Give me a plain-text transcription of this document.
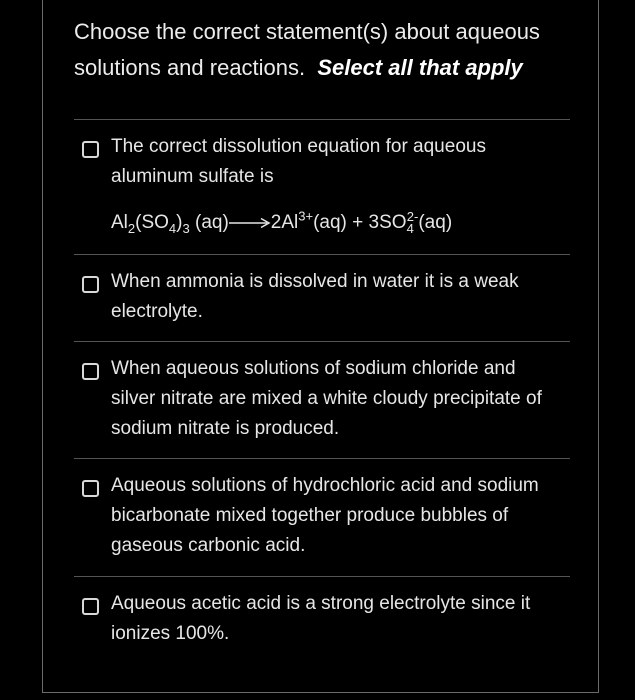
Choose the correct statement(s) about aqueous solutions and reactions. Select all that apply
The correct dissolution equation for aqueous aluminum sulfate is
$Al_2(SO_4)_3$ $(aq)\to 2Al^{3+}(aq) + 3SO_4^{2-}(aq)$
When ammonia is dissolved in water it is a weak electrolyte.
When aqueous solutions of sodium chloride and silver nitrate are mixed a white cloudy precipitate of sodium nitrate is produced.
Aqueous solutions of hydrochloric acid and sodium bicarbonate mixed together produce bubbles of gaseous carbonic acid.
Aqueous acetic acid is a strong electrolyte since it ionizes 100%.
